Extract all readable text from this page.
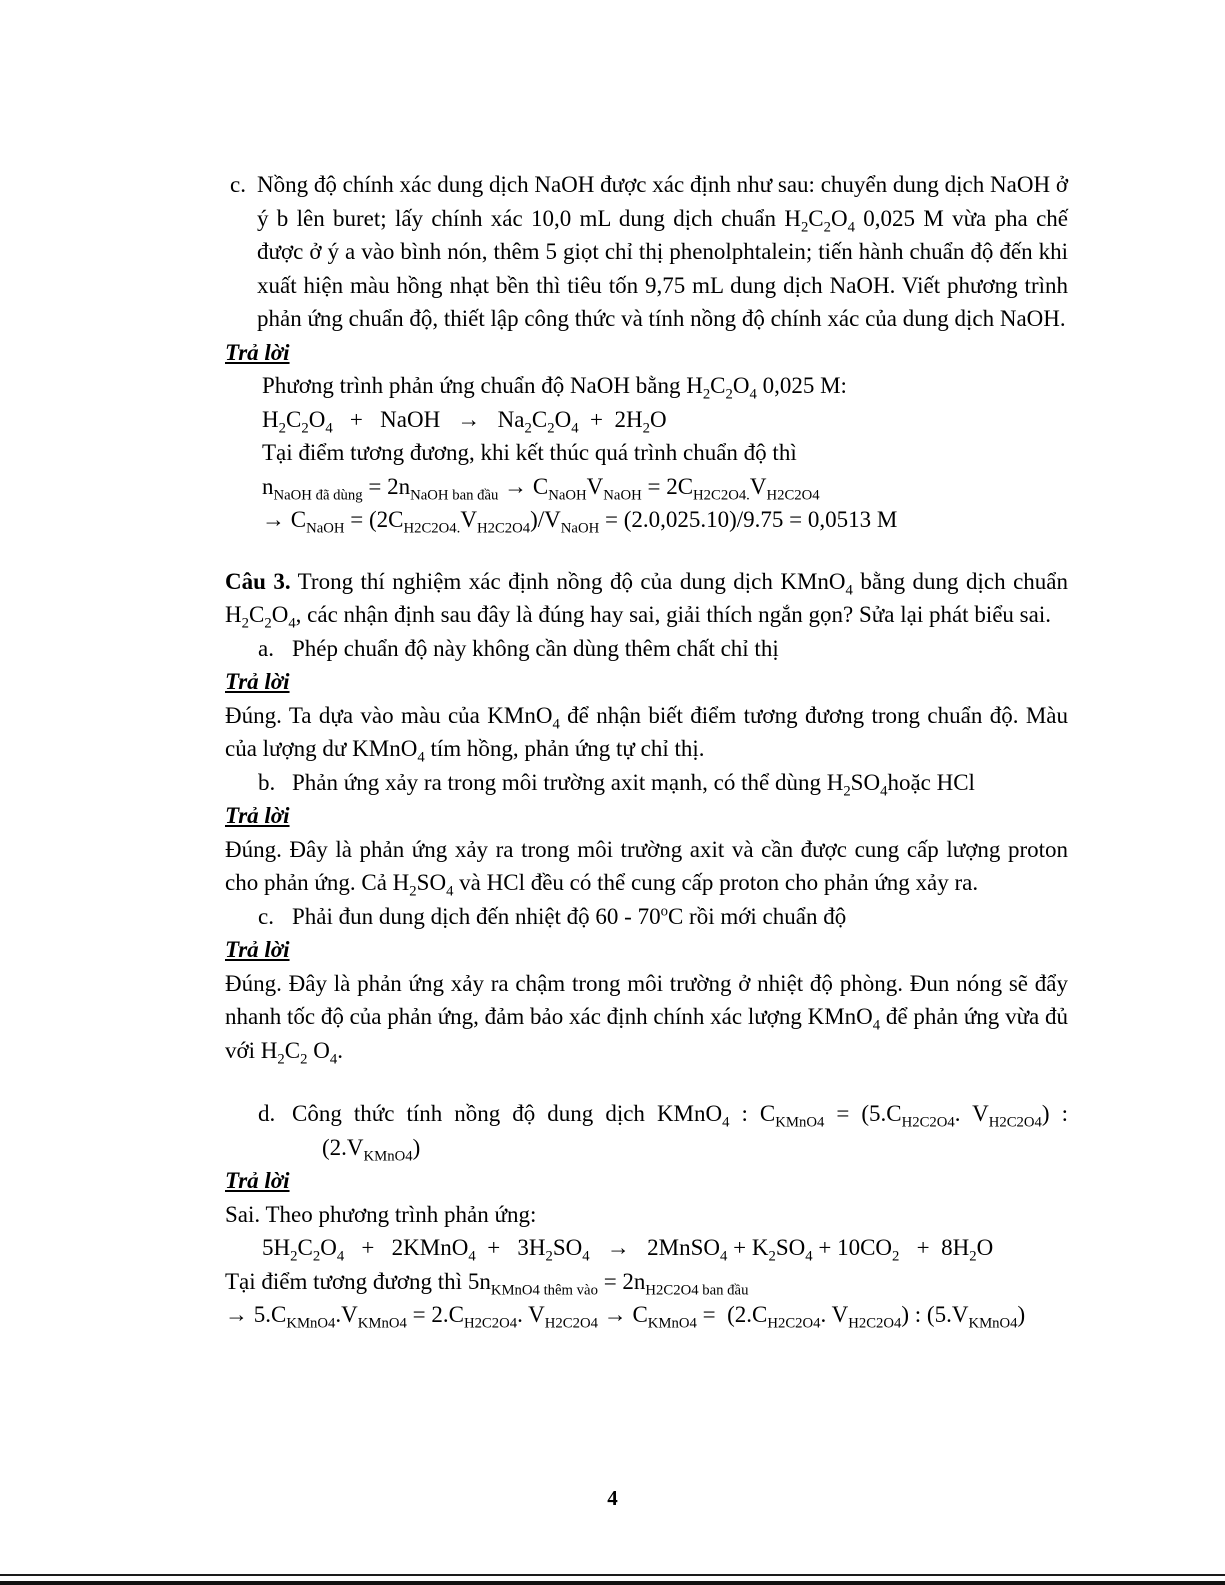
c. Nồng độ chính xác dung dịch NaOH được xác định như sau: chuyển dung dịch NaOH ở ý b lên buret; lấy chính xác 10,0 mL dung dịch chuẩn $H_2C_2O_4$ 0,025 M vừa pha chế được ở ý a vào bình nón, thêm 5 giọt chỉ thị phenolphtalein; tiến hành chuẩn độ đến khi xuất hiện màu hồng nhạt bền thì tiêu tốn 9,75 mL dung dịch NaOH. Viết phương trình phản ứng chuẩn độ, thiết lập công thức và tính nồng độ chính xác của dung dịch NaOH.

Trả lời

Phương trình phản ứng chuẩn độ NaOH bằng $H_2C_2O_4$ 0,025 M:

$H_2C_2O_4$   +   NaOH   →   $Na_2C_2O_4 + 2H_2O$

Tại điểm tương đương, khi kết thúc quá trình chuẩn độ thì

$n_{NaOH đã dùng} = 2n_{NaOH ban đầu} \to C_{NaOH}V_{NaOH} = 2C_{H2C2O4.}V_{H2C2O4}$

→ $C_{NaOH} = (2C_{H2C2O4.}V_{H2C2O4})/V_{NaOH} = (2.0,025.10)/9.75 = 0,0513$ M

Câu 3. Trong thí nghiệm xác định nồng độ của dung dịch KMnO$_4$ bằng dung dịch chuẩn $H_2C_2O_4$, các nhận định sau đây là đúng hay sai, giải thích ngắn gọn? Sửa lại phát biểu sai.

a. Phép chuẩn độ này không cần dùng thêm chất chỉ thị

Trả lời

Đúng. Ta dựa vào màu của KMnO$_4$ để nhận biết điểm tương đương trong chuẩn độ. Màu của lượng dư KMnO$_4$ tím hồng, phản ứng tự chỉ thị.

b. Phản ứng xảy ra trong môi trường axit mạnh, có thể dùng $H_2SO_4hoặc$ HCl

Trả lời

Đúng. Đây là phản ứng xảy ra trong môi trường axit và cần được cung cấp lượng proton cho phản ứng. Cả $H_2SO_4$ và HCl đều có thể cung cấp proton cho phản ứng xảy ra.

c. Phải đun dung dịch đến nhiệt độ 60 - 70$^o$C rồi mới chuẩn độ

Trả lời

Đúng. Đây là phản ứng xảy ra chậm trong môi trường ở nhiệt độ phòng. Đun nóng sẽ đẩy nhanh tốc độ của phản ứng, đảm bảo xác định chính xác lượng KMnO$_4$ để phản ứng vừa đủ với $H_2C_2$ $O_4$.

d. Công thức tính nồng độ dung dịch KMnO$_4$ : $C_{KMnO4} = (5.C_{H2C2O4}$. $V_{H2C2O4}$) :
$(2.V_{KMnO4})$

Trả lời

Sai. Theo phương trình phản ứng:

$5H_2C_2O_4$   +   2KMnO$_4$  +   $3H_2SO_4$   →   2MnSO$_4$ + $K_2SO_4 + 10CO_2 + 8H_2O$

Tại điểm tương đương thì $5n_{KMnO4 thêm vào} = 2n_{H2C2O4 ban đầu}$

→ $5.C_{KMnO4}.V_{KMnO4} = 2.C_{H2C2O4}$. $V_{H2C2O4} \to C_{KMnO4} = (2.C_{H2C2O4}$. $V_{H2C2O4}$) : $(5.V_{KMnO4})$

4
